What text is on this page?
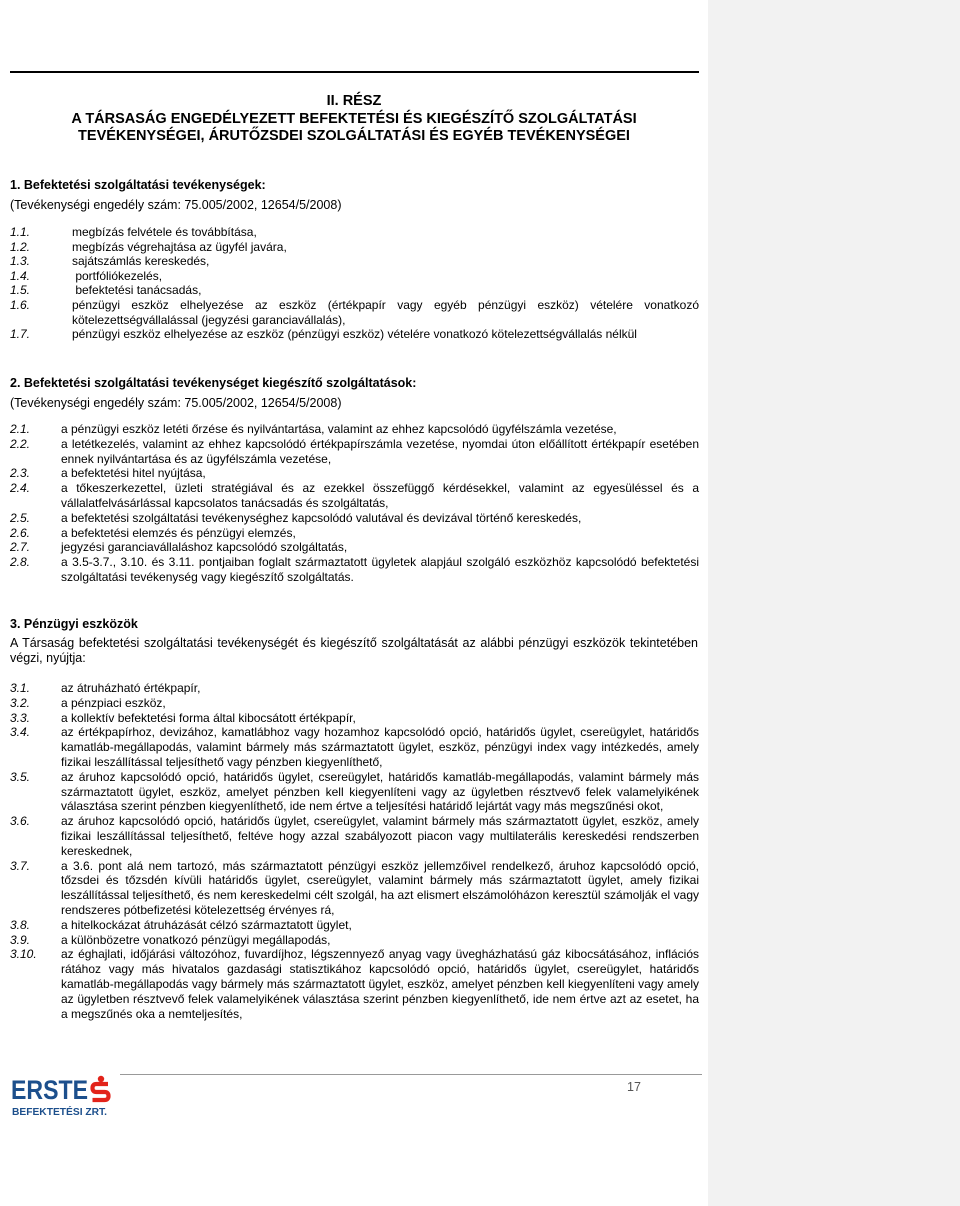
II. RÉSZ
A TÁRSASÁG ENGEDÉLYEZETT BEFEKTETÉSI ÉS KIEGÉSZÍTŐ SZOLGÁLTATÁSI
TEVÉKENYSÉGEI, ÁRUTŐZSDEI SZOLGÁLTATÁSI ÉS EGYÉB TEVÉKENYSÉGEI
1. Befektetési szolgáltatási tevékenységek:
(Tevékenységi engedély szám: 75.005/2002, 12654/5/2008)
1.1.	megbízás felvétele és továbbítása,
1.2.	megbízás végrehajtása az ügyfél javára,
1.3.	sajátszámlás kereskedés,
1.4.	portfóliókezelés,
1.5.	befektetési tanácsadás,
1.6.	pénzügyi eszköz elhelyezése az eszköz (értékpapír vagy egyéb pénzügyi eszköz) vételére vonatkozó kötelezettségvállalással (jegyzési garanciavállalás),
1.7.	pénzügyi eszköz elhelyezése az eszköz (pénzügyi eszköz) vételére vonatkozó kötelezettségvállalás nélkül
2. Befektetési szolgáltatási tevékenységet kiegészítő szolgáltatások:
(Tevékenységi engedély szám: 75.005/2002, 12654/5/2008)
2.1.	a pénzügyi eszköz letéti őrzése és nyilvántartása, valamint az ehhez kapcsolódó ügyfélszámla vezetése,
2.2.	a letétkezelés, valamint az ehhez kapcsolódó értékpapírszámla vezetése, nyomdai úton előállított értékpapír esetében ennek nyilvántartása és az ügyfélszámla vezetése,
2.3.	a befektetési hitel nyújtása,
2.4.	a tőkeszerkezettel, üzleti stratégiával és az ezekkel összefüggő kérdésekkel, valamint az egyesüléssel és a vállalatfelvásárlással kapcsolatos tanácsadás és szolgáltatás,
2.5.	a befektetési szolgáltatási tevékenységhez kapcsolódó valutával és devizával történő kereskedés,
2.6.	a befektetési elemzés és pénzügyi elemzés,
2.7.	jegyzési garanciavállaláshoz kapcsolódó szolgáltatás,
2.8.	a 3.5-3.7., 3.10. és 3.11. pontjaiban foglalt származtatott ügyletek alapjául szolgáló eszközhöz kapcsolódó befektetési szolgáltatási tevékenység vagy kiegészítő szolgáltatás.
3. Pénzügyi eszközök
A Társaság befektetési szolgáltatási tevékenységét és kiegészítő szolgáltatását az alábbi pénzügyi eszközök tekintetében végzi, nyújtja:
3.1.	az átruházható értékpapír,
3.2.	a pénzpiaci eszköz,
3.3.	a kollektív befektetési forma által kibocsátott értékpapír,
3.4.	az értékpapírhoz, devizához, kamatlábhoz vagy hozamhoz kapcsolódó opció, határidős ügylet, csereügylet, határidős kamatláb-megállapodás, valamint bármely más származtatott ügylet, eszköz, pénzügyi index vagy intézkedés, amely fizikai leszállítással teljesíthető vagy pénzben kiegyenlíthető,
3.5.	az áruhoz kapcsolódó opció, határidős ügylet, csereügylet, határidős kamatláb-megállapodás, valamint bármely más származtatott ügylet, eszköz, amelyet pénzben kell kiegyenlíteni vagy az ügyletben résztvevő felek valamelyikének választása szerint pénzben kiegyenlíthető, ide nem értve a teljesítési határidő lejártát vagy más megszűnési okot,
3.6.	az áruhoz kapcsolódó opció, határidős ügylet, csereügylet, valamint bármely más származtatott ügylet, eszköz, amely fizikai leszállítással teljesíthető, feltéve hogy azzal szabályozott piacon vagy multilaterális kereskedési rendszerben kereskednek,
3.7.	a 3.6. pont alá nem tartozó, más származtatott pénzügyi eszköz jellemzőivel rendelkező, áruhoz kapcsolódó opció, tőzsdei és tőzsdén kívüli határidős ügylet, csereügylet, valamint bármely más származtatott ügylet, amely fizikai leszállítással teljesíthető, és nem kereskedelmi célt szolgál, ha azt elismert elszámolóházon keresztül számolják el vagy rendszeres pótbefizetési kötelezettség érvényes rá,
3.8.	a hitelkockázat átruházását célzó származtatott ügylet,
3.9.	a különbözetre vonatkozó pénzügyi megállapodás,
3.10.	az éghajlati, időjárási változóhoz, fuvardíjhoz, légszennyező anyag vagy üvegházhatású gáz kibocsátásához, inflációs rátához vagy más hivatalos gazdasági statisztikához kapcsolódó opció, határidős ügylet, csereügylet, határidős kamatláb-megállapodás vagy bármely más származtatott ügylet, eszköz, amelyet pénzben kell kiegyenlíteni vagy amely az ügyletben résztvevő felek valamelyikének választása szerint pénzben kiegyenlíthető, ide nem értve azt az esetet, ha a megszűnés oka a nemteljesítés,
17
ERSTE
BEFEKTETÉSI ZRT.
